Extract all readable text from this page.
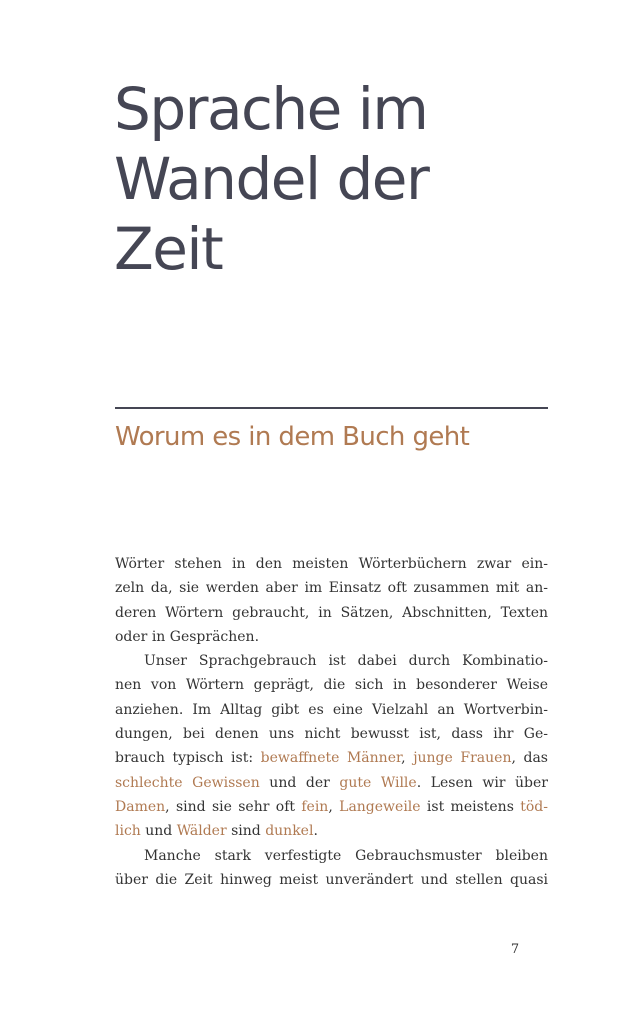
Sprache im
Wandel der
Zeit
Worum es in dem Buch geht
Wörter stehen in den meisten Wörterbüchern zwar ein-
zeln da, sie werden aber im Einsatz oft zusammen mit an-
deren Wörtern gebraucht, in Sätzen, Abschnitten, Texten
oder in Gesprächen.
Unser Sprachgebrauch ist dabei durch Kombinatio-
nen von Wörtern geprägt, die sich in besonderer Weise
anziehen. Im Alltag gibt es eine Vielzahl an Wortverbin-
dungen, bei denen uns nicht bewusst ist, dass ihr Ge-
brauch typisch ist: bewaffnete Männer, junge Frauen, das
schlechte Gewissen und der gute Wille. Lesen wir über
Damen, sind sie sehr oft fein, Langeweile ist meistens töd-
lich und Wälder sind dunkel.
Manche stark verfestigte Gebrauchsmuster bleiben
über die Zeit hinweg meist unverändert und stellen quasi
7
